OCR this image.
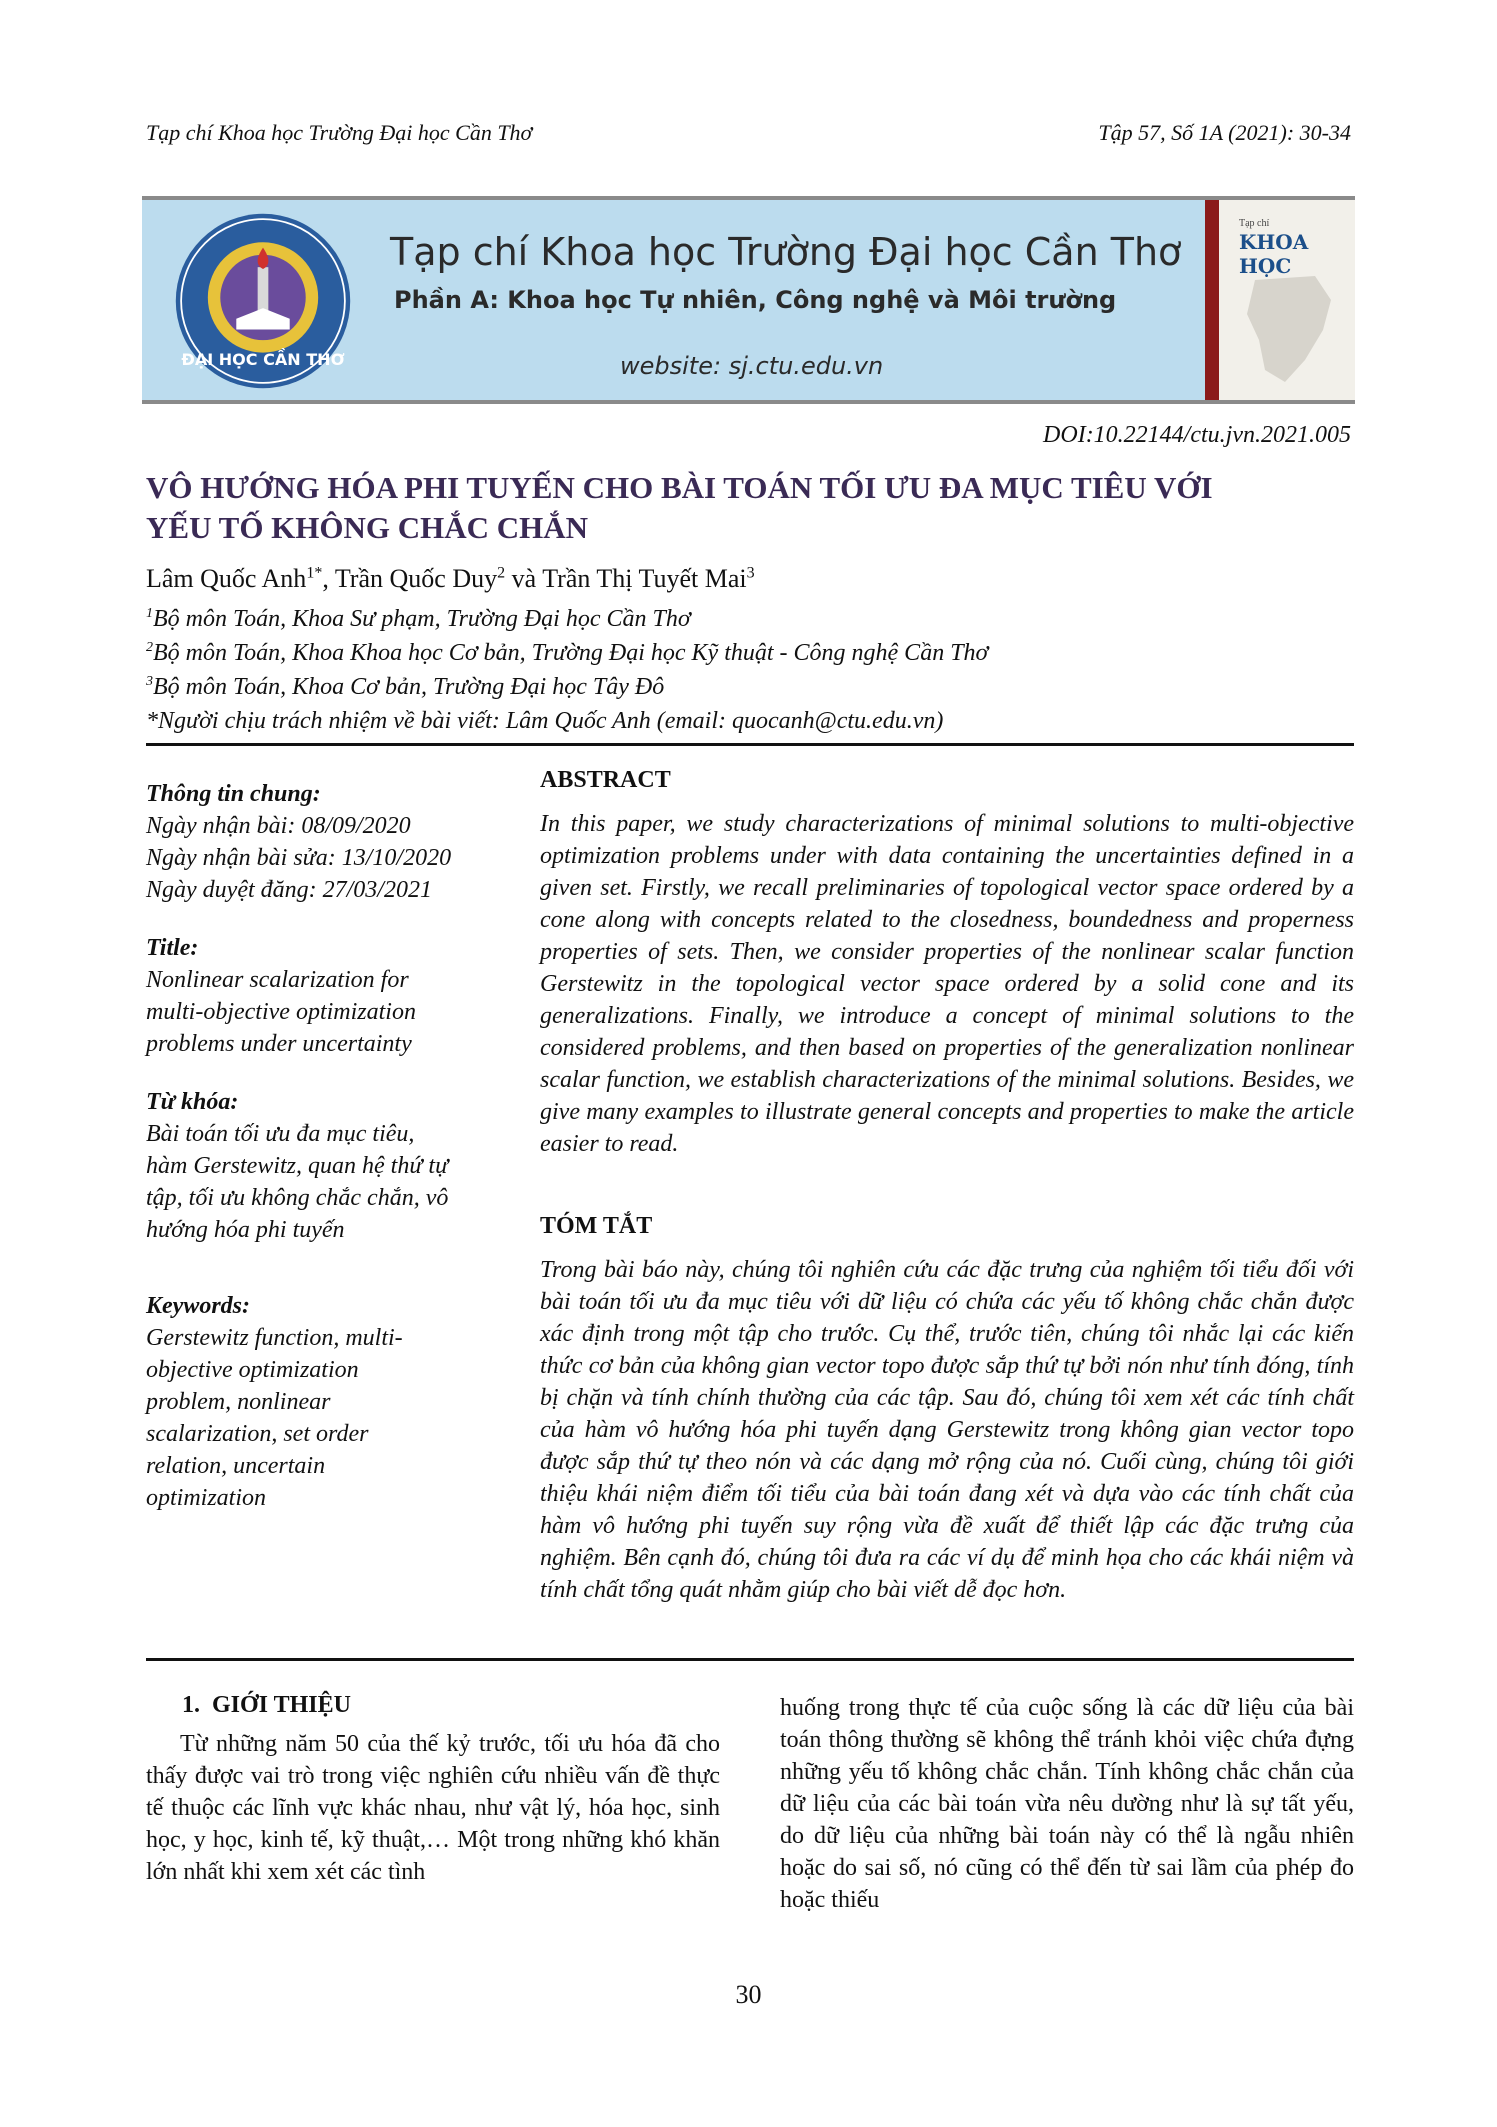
Tạp chí Khoa học Trường Đại học Cần Thơ	Tập 57, Số 1A (2021): 30-34
ĐẠI HỌC CẦN THƠ
Tạp chí Khoa học Trường Đại học Cần Thơ
Phần A: Khoa học Tự nhiên, Công nghệ và Môi trường
website: sj.ctu.edu.vn
Tạp chí
KHOA HỌC
DOI:10.22144/ctu.jvn.2021.005
VÔ HƯỚNG HÓA PHI TUYẾN CHO BÀI TOÁN TỐI ƯU ĐA MỤC TIÊU VỚI
YẾU TỐ KHÔNG CHẮC CHẮN
Lâm Quốc Anh$^{1*}$, Trần Quốc Duy$^2$ và Trần Thị Tuyết Mai$^3$
$^1$Bộ môn Toán, Khoa Sư phạm, Trường Đại học Cần Thơ
$^2$Bộ môn Toán, Khoa Khoa học Cơ bản, Trường Đại học Kỹ thuật - Công nghệ Cần Thơ
$^3$Bộ môn Toán, Khoa Cơ bản, Trường Đại học Tây Đô
*Người chịu trách nhiệm về bài viết: Lâm Quốc Anh (email: quocanh@ctu.edu.vn)
Thông tin chung:
Ngày nhận bài: 08/09/2020
Ngày nhận bài sửa: 13/10/2020
Ngày duyệt đăng: 27/03/2021
Title:
Nonlinear scalarization for
multi-objective optimization
problems under uncertainty
Từ khóa:
Bài toán tối ưu đa mục tiêu,
hàm Gerstewitz, quan hệ thứ tự
tập, tối ưu không chắc chắn, vô
hướng hóa phi tuyến
Keywords:
Gerstewitz function, multi-
objective optimization
problem, nonlinear
scalarization, set order
relation, uncertain
optimization
ABSTRACT
In this paper, we study characterizations of minimal solutions to multi-objective optimization problems under with data containing the uncertainties defined in a given set. Firstly, we recall preliminaries of topological vector space ordered by a cone along with concepts related to the closedness, boundedness and properness properties of sets. Then, we consider properties of the nonlinear scalar function Gerstewitz in the topological vector space ordered by a solid cone and its generalizations. Finally, we introduce a concept of minimal solutions to the considered problems, and then based on properties of the generalization nonlinear scalar function, we establish characterizations of the minimal solutions. Besides, we give many examples to illustrate general concepts and properties to make the article easier to read.
TÓM TẮT
Trong bài báo này, chúng tôi nghiên cứu các đặc trưng của nghiệm tối tiểu đối với bài toán tối ưu đa mục tiêu với dữ liệu có chứa các yếu tố không chắc chắn được xác định trong một tập cho trước. Cụ thể, trước tiên, chúng tôi nhắc lại các kiến thức cơ bản của không gian vector topo được sắp thứ tự bởi nón như tính đóng, tính bị chặn và tính chính thường của các tập. Sau đó, chúng tôi xem xét các tính chất của hàm vô hướng hóa phi tuyến dạng Gerstewitz trong không gian vector topo được sắp thứ tự theo nón và các dạng mở rộng của nó. Cuối cùng, chúng tôi giới thiệu khái niệm điểm tối tiểu của bài toán đang xét và dựa vào các tính chất của hàm vô hướng phi tuyến suy rộng vừa đề xuất để thiết lập các đặc trưng của nghiệm. Bên cạnh đó, chúng tôi đưa ra các ví dụ để minh họa cho các khái niệm và tính chất tổng quát nhằm giúp cho bài viết dễ đọc hơn.
1.  GIỚI THIỆU
Từ những năm 50 của thế kỷ trước, tối ưu hóa đã cho thấy được vai trò trong việc nghiên cứu nhiều vấn đề thực tế thuộc các lĩnh vực khác nhau, như vật lý, hóa học, sinh học, y học, kinh tế, kỹ thuật,… Một trong những khó khăn lớn nhất khi xem xét các tình
huống trong thực tế của cuộc sống là các dữ liệu của bài toán thông thường sẽ không thể tránh khỏi việc chứa đựng những yếu tố không chắc chắn. Tính không chắc chắn của dữ liệu của các bài toán vừa nêu dường như là sự tất yếu, do dữ liệu của những bài toán này có thể là ngẫu nhiên hoặc do sai số, nó cũng có thể đến từ sai lầm của phép đo hoặc thiếu
30
